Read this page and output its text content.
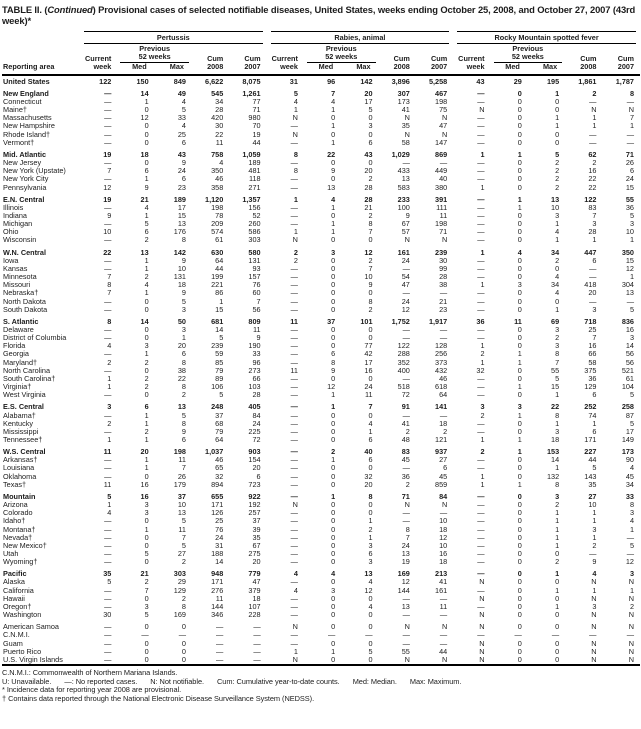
TABLE II. (Continued) Provisional cases of selected notifiable diseases, United States, weeks ending October 25, 2008, and October 27, 2007 (43rd week)*
Reporting area	Pertussis					Rabies, animal					Rocky Mountain spotted fever				

Current
week

Previous
52 weeks	Cum
2008

Cum
2007

Current
week

Previous
52 weeks	Cum
2008

Cum
2007

Current
week

Previous
52 weeks	Cum
2008

Cum
2007

		Med	Max				Med	Max				Med	Max		
United States	122	150	849	6,622	8,075	31	96	142	3,896	5,258	43	29	195	1,861	1,787

New England	—	14	49	545	1,261	5	7	20	307	467	—	0	1	2	8
Connecticut	—	1	4	34	77	4	4	17	173	198	—	0	0	—	—
Maine†	—	0	5	28	71	1	1	5	41	75	N	0	0	N	N
Massachusetts	—	12	33	420	980	N	0	0	N	N	—	0	1	1	7
New Hampshire	—	0	4	30	70	—	1	3	35	47	—	0	1	1	1
Rhode Island†	—	0	25	22	19	N	0	0	N	N	—	0	0	—	—
Vermont†	—	0	6	11	44	—	1	6	58	147	—	0	0	—	—

Mid. Atlantic	19	18	43	758	1,059	8	22	43	1,029	869	1	1	5	62	71
New Jersey	—	0	9	4	189	—	0	0	—	—	—	0	2	2	26
New York (Upstate)	7	6	24	350	481	8	9	20	433	449	—	0	2	16	6
New York City	—	1	6	46	118	—	0	2	13	40	—	0	2	22	24
Pennsylvania	12	9	23	358	271	—	13	28	583	380	1	0	2	22	15

E.N. Central	19	21	189	1,120	1,357	1	4	28	233	391	—	1	13	122	55
Illinois	—	4	17	198	156	—	1	21	100	111	—	1	10	83	36
Indiana	9	1	15	78	52	—	0	2	9	11	—	0	3	7	5
Michigan	—	5	13	209	260	—	1	8	67	198	—	0	1	3	3
Ohio	10	6	176	574	586	1	1	7	57	71	—	0	4	28	10
Wisconsin	—	2	8	61	303	N	0	0	N	N	—	0	1	1	1

W.N. Central	22	13	142	630	580	2	3	12	161	239	1	4	34	447	350
Iowa	—	1	9	64	131	2	0	2	24	30	—	0	2	6	15
Kansas	—	1	10	44	93	—	0	7	—	99	—	0	0	—	12
Minnesota	7	2	131	199	157	—	0	10	54	28	—	0	4	—	1
Missouri	8	4	18	221	76	—	0	9	47	38	1	3	34	418	304
Nebraska†	7	1	9	86	60	—	0	0	—	—	—	0	4	20	13
North Dakota	—	0	5	1	7	—	0	8	24	21	—	0	0	—	—
South Dakota	—	0	3	15	56	—	0	2	12	23	—	0	1	3	5

S. Atlantic	8	14	50	681	809	11	37	101	1,752	1,917	36	11	69	718	836
Delaware	—	0	3	14	11	—	0	0	—	—	—	0	3	25	16
District of Columbia	—	0	1	5	9	—	0	0	—	—	—	0	2	7	3
Florida	4	3	20	239	190	—	0	77	122	128	1	0	3	16	14
Georgia	—	1	6	59	33	—	6	42	288	256	2	1	8	66	56
Maryland†	2	2	8	85	96	—	8	17	352	373	1	1	7	58	56
North Carolina	—	0	38	79	273	11	9	16	400	432	32	0	55	375	521
South Carolina†	1	2	22	89	66	—	0	0	—	46	—	0	5	36	61
Virginia†	1	2	8	106	103	—	12	24	518	618	—	1	15	129	104
West Virginia	—	0	2	5	28	—	1	11	72	64	—	0	1	6	5

E.S. Central	3	6	13	248	405	—	1	7	91	141	3	3	22	252	258
Alabama†	—	1	5	37	84	—	0	0	—	—	2	1	8	74	87
Kentucky	2	1	8	68	24	—	0	4	41	18	—	0	1	1	5
Mississippi	—	2	9	79	225	—	0	1	2	2	—	0	3	6	17
Tennessee†	1	1	6	64	72	—	0	6	48	121	1	1	18	171	149

W.S. Central	11	20	198	1,037	903	—	2	40	83	937	2	1	153	227	173
Arkansas†	—	1	11	46	154	—	1	6	45	27	—	0	14	44	90
Louisiana	—	1	7	65	20	—	0	0	—	6	—	0	1	5	4
Oklahoma	—	0	26	32	6	—	0	32	36	45	1	0	132	143	45
Texas†	11	16	179	894	723	—	0	20	2	859	1	1	8	35	34

Mountain	5	16	37	655	922	—	1	8	71	84	—	0	3	27	33
Arizona	1	3	10	171	192	N	0	0	N	N	—	0	2	10	8
Colorado	4	3	13	126	257	—	0	0	—	—	—	0	1	1	3
Idaho†	—	0	5	25	37	—	0	1	—	10	—	0	1	1	4
Montana†	—	1	11	76	39	—	0	2	8	18	—	0	1	3	1
Nevada†	—	0	7	24	35	—	0	1	7	12	—	0	1	1	—
New Mexico†	—	0	5	31	67	—	0	3	24	10	—	0	1	2	5
Utah	—	5	27	188	275	—	0	6	13	16	—	0	0	—	—
Wyoming†	—	0	2	14	20	—	0	3	19	18	—	0	2	9	12

Pacific	35	21	303	948	779	4	4	13	169	213	—	0	1	4	3
Alaska	5	2	29	171	47	—	0	4	12	41	N	0	0	N	N
California	—	7	129	276	379	4	3	12	144	161	—	0	1	1	1
Hawaii	—	0	2	11	18	—	0	0	—	—	N	0	0	N	N
Oregon†	—	3	8	144	107	—	0	4	13	11	—	0	1	3	2
Washington	30	5	169	346	228	—	0	0	—	—	N	0	0	N	N

American Samoa	—	0	0	—	—	N	0	0	N	N	N	0	0	N	N
C.N.M.I.	—	—	—	—	—	—	—	—	—	—	—	—	—	—	—
Guam	—	0	0	—	—	—	0	0	—	—	N	0	0	N	N
Puerto Rico	—	0	0	—	—	1	1	5	55	44	N	0	0	N	N
U.S. Virgin Islands	—	0	0	—	—	N	0	0	N	N	N	0	0	N	N
C.N.M.I.: Commonwealth of Northern Mariana Islands.
U: Unavailable. —: No reported cases. N: Not notifiable. Cum: Cumulative year-to-date counts. Med: Median. Max: Maximum.
* Incidence data for reporting year 2008 are provisional.
† Contains data reported through the National Electronic Disease Surveillance System (NEDSS).
